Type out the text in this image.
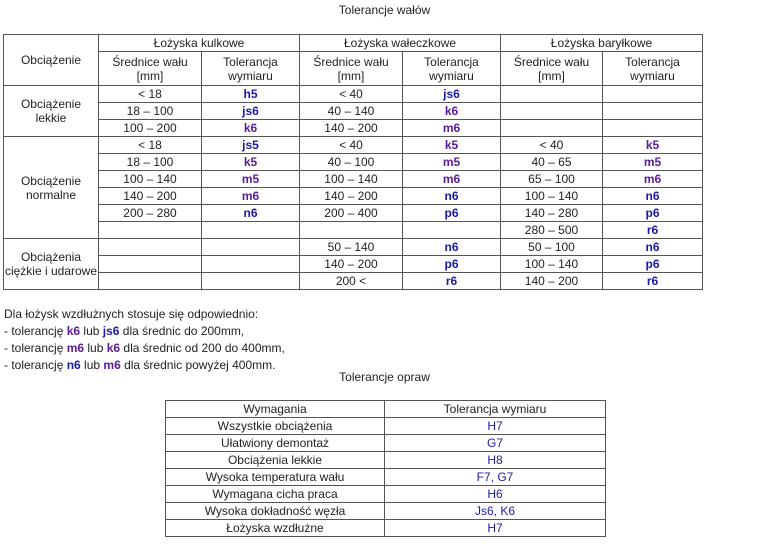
Tolerancje wałów
Obciążenie	Łożyska kulkowe		Łożyska wałeczkowe		Łożyska baryłkowe	
	Średnice wału [mm]	Tolerancja wymiaru	Średnice wału [mm]	Tolerancja wymiaru	Średnice wału [mm]	Tolerancja wymiaru
Obciążenie lekkie	< 18	h5	< 40	js6		
	18 – 100	js6	40 – 140	k6		
	100 – 200	k6	140 – 200	m6		
Obciążenie normalne	< 18	js5	< 40	k5	< 40	k5
	18 – 100	k5	40 – 100	m5	40 – 65	m5
	100 – 140	m5	100 – 140	m6	65 – 100	m6
	140 – 200	m6	140 – 200	n6	100 – 140	n6
	200 – 280	n6	200 – 400	p6	140 – 280	p6
					280 – 500	r6
Obciążenia ciężkie i udarowe			50 – 140	n6	50 – 100	n6
			140 – 200	p6	100 – 140	p6
			200 <	r6	140 – 200	r6
Dla łożysk wzdłużnych stosuje się odpowiednio:
- tolerancję k6 lub js6 dla średnic do 200mm,
- tolerancję m6 lub k6 dla średnic od 200 do 400mm,
- tolerancję n6 lub m6 dla średnic powyżej 400mm.
Tolerancje opraw
Wymagania	Tolerancja wymiaru
Wszystkie obciążenia	H7
Ułatwiony demontaż	G7
Obciążenia lekkie	H8
Wysoka temperatura wału	F7, G7
Wymagana cicha praca	H6
Wysoka dokładność węzła	Js6, K6
Łożyska wzdłużne	H7
